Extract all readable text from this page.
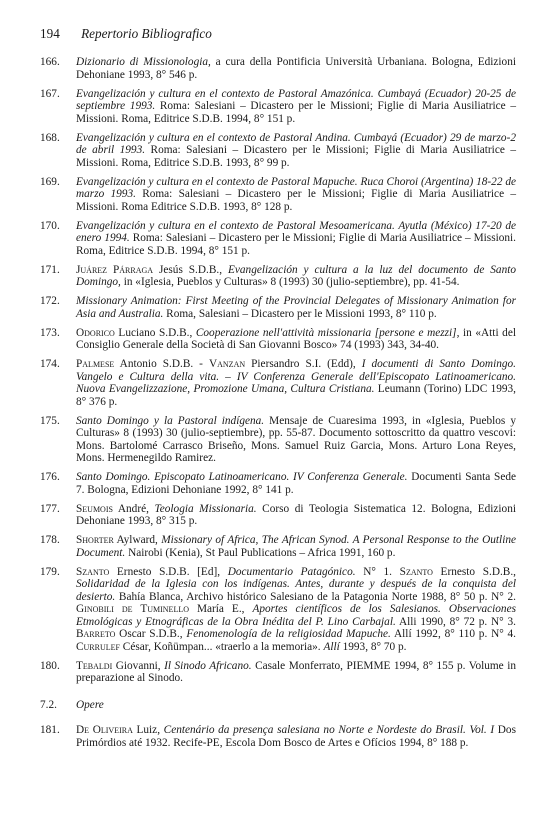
194 Repertorio Bibliografico
166.	Dizionario di Missionologia, a cura della Pontificia Università Urbaniana. Bologna, Edizioni Dehoniane 1993, 8° 546 p.
167.	Evangelización y cultura en el contexto de Pastoral Amazónica. Cumbayá (Ecuador) 20-25 de septiembre 1993. Roma: Salesiani – Dicastero per le Missioni; Figlie di Maria Ausiliatrice – Missioni. Roma, Editrice S.D.B. 1994, 8° 151 p.
168.	Evangelización y cultura en el contexto de Pastoral Andina. Cumbayá (Ecuador) 29 de marzo-2 de abril 1993. Roma: Salesiani – Dicastero per le Missioni; Figlie di Maria Ausiliatrice – Missioni. Roma, Editrice S.D.B. 1993, 8° 99 p.
169.	Evangelización y cultura en el contexto de Pastoral Mapuche. Ruca Choroi (Argentina) 18-22 de marzo 1993. Roma: Salesiani – Dicastero per le Missioni; Figlie di Maria Ausiliatrice – Missioni. Roma Editrice S.D.B. 1993, 8° 128 p.
170.	Evangelización y cultura en el contexto de Pastoral Mesoamericana. Ayutla (México) 17-20 de enero 1994. Roma: Salesiani – Dicastero per le Missioni; Figlie di Maria Ausiliatrice – Missioni. Roma, Editrice S.D.B. 1994, 8° 151 p.
171.	Juárez Párraga Jesús S.D.B., Evangelización y cultura a la luz del documento de Santo Domingo, in «Iglesia, Pueblos y Culturas» 8 (1993) 30 (julio-septiembre), pp. 41-54.
172.	Missionary Animation: First Meeting of the Provincial Delegates of Missionary Animation for Asia and Australia. Roma, Salesiani – Dicastero per le Missioni 1993, 8° 110 p.
173.	Odorico Luciano S.D.B., Cooperazione nell'attività missionaria [persone e mezzi], in «Atti del Consiglio Generale della Società di San Giovanni Bosco» 74 (1993) 343, 34-40.
174.	Palmese Antonio S.D.B. - Vanzan Piersandro S.I. (Edd), I documenti di Santo Domingo. Vangelo e Cultura della vita. – IV Conferenza Generale dell'Episcopato Latinoamericano. Nuova Evangelizzazione, Promozione Umana, Cultura Cristiana. Leumann (Torino) LDC 1993, 8° 376 p.
175.	Santo Domingo y la Pastoral indígena. Mensaje de Cuaresima 1993, in «Iglesia, Pueblos y Culturas» 8 (1993) 30 (julio-septiembre), pp. 55-87. Documento sottoscritto da quattro vescovi: Mons. Bartolomé Carrasco Briseño, Mons. Samuel Ruiz Garcia, Mons. Arturo Lona Reyes, Mons. Hermenegildo Ramirez.
176.	Santo Domingo. Episcopato Latinoamericano. IV Conferenza Generale. Documenti Santa Sede 7. Bologna, Edizioni Dehoniane 1992, 8° 141 p.
177.	Seumois André, Teologia Missionaria. Corso di Teologia Sistematica 12. Bologna, Edizioni Dehoniane 1993, 8° 315 p.
178.	Shorter Aylward, Missionary of Africa, The African Synod. A Personal Response to the Outline Document. Nairobi (Kenia), St Paul Publications – Africa 1991, 160 p.
179.	Szanto Ernesto S.D.B. [Ed], Documentario Patagónico. N° 1. Szanto Ernesto S.D.B., Solidaridad de la Iglesia con los indígenas. Antes, durante y después de la conquista del desierto. Bahía Blanca, Archivo histórico Salesiano de la Patagonia Norte 1988, 8° 50 p. N° 2. Ginobili de Tuminello María E., Aportes científicos de los Salesianos. Observaciones Etmológicas y Etnográficas de la Obra Inédita del P. Lino Carbajal. Alli 1990, 8° 72 p. N° 3. Barreto Oscar S.D.B., Fenomenología de la religiosidad Mapuche. Allí 1992, 8° 110 p. N° 4. Currulef César, Koñümpan... «traerlo a la memoria». Allí 1993, 8° 70 p.
180.	Tebaldi Giovanni, Il Sinodo Africano. Casale Monferrato, PIEMME 1994, 8° 155 p. Volume in preparazione al Sinodo.
7.2. Opere
181.	De Oliveira Luiz, Centenário da presença salesiana no Norte e Nordeste do Brasil. Vol. I Dos Primórdios até 1932. Recife-PE, Escola Dom Bosco de Artes e Ofícios 1994, 8° 188 p.
